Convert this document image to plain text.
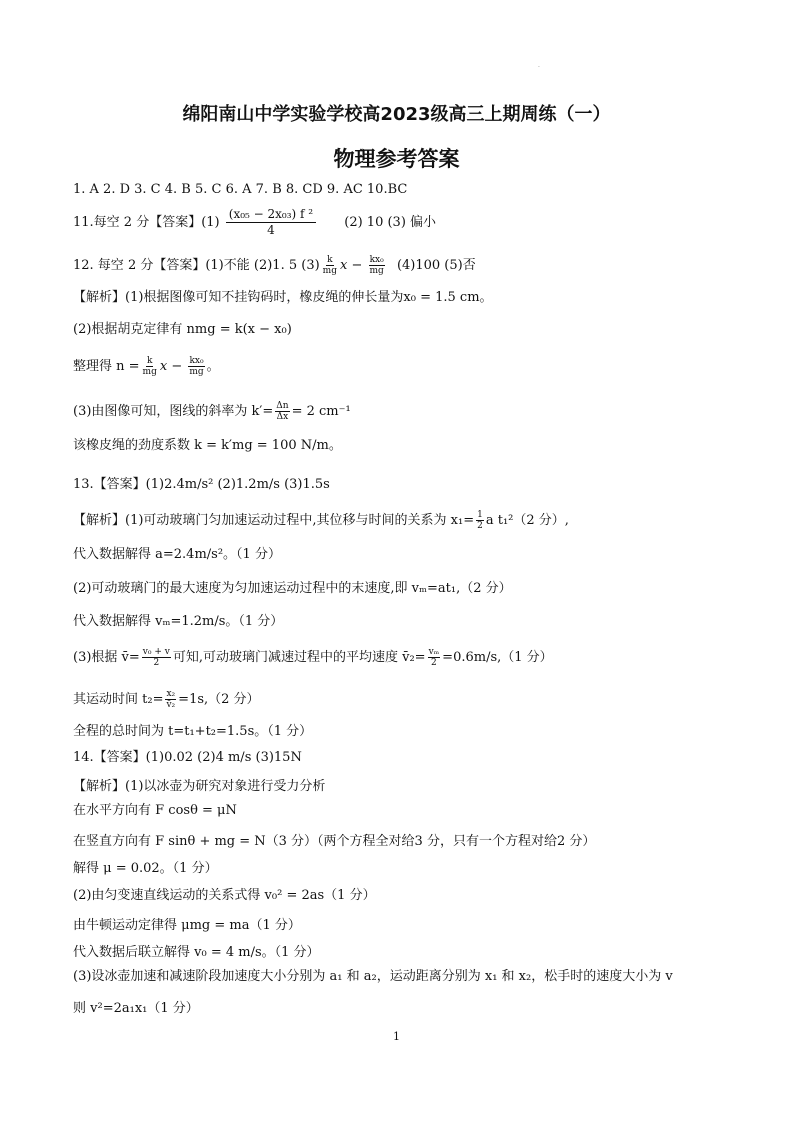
·
绵阳南山中学实验学校高2023级高三上期周练（一）
物理参考答案
1. A 2. D 3. C 4. B 5. C 6. A 7. B 8. CD 9. AC 10.BC
11.每空 2 分【答案】$(1) \frac{\text{(x₀₅ − 2x₀₃) f ²}}{4} (2)$ 10 (3) 偏小
12. 每空 2 分【答案】(1)不能 (2)1. 5 $(3) \frac{k}{mg}$ $x - \frac{\text{kx₀}}{mg} (4)100$ (5)否
【解析】(1)根据图像可知不挂钩码时，橡皮绳的伸长量为x₀ = 1.5 cm。
(2)根据胡克定律有 nmg = k(x − x₀)
整理得 $n = \frac{k}{mg}$ $x - \frac{\text{kx₀}}{mg}$ 。
(3)由图像可知，图线的斜率为 $k'= \frac{\Delta n}{\Delta x} = 2$ cm⁻¹
该橡皮绳的劲度系数 k = k′mg = 100 N/m。
13.【答案】(1)2.4m/s² (2)1.2m/s (3)1.5s
【解析】(1)可动玻璃门匀加速运动过程中,其位移与时间的关系为 $x_1= \frac{1}{2}$ a t₁²（2 分）,
代入数据解得 a=2.4m/s²。（1 分）
(2)可动玻璃门的最大速度为匀加速运动过程中的末速度,即 vₘ=at₁,（2 分）
代入数据解得 vₘ=1.2m/s。（1 分）
(3)根据 v̄= $\frac{\text{v₀ + v}}{2}$ 可知,可动玻璃门减速过程中的平均速度 v̄₂= $\frac{\text{vₘ}}{2} =0.6m/s,(1$ 分）
其运动时间 $t_2= \frac{\text{x₂}}{\text{v̄₂}} =1s,(2$ 分）
全程的总时间为 t=t₁+t₂=1.5s。（1 分）
14.【答案】(1)0.02 (2)4 m/s (3)15N
【解析】(1)以冰壶为研究对象进行受力分析
在水平方向有 F cosθ = μN
在竖直方向有 F sinθ + mg = N（3 分）（两个方程全对给3 分，只有一个方程对给2 分）
解得 μ = 0.02。（1 分）
(2)由匀变速直线运动的关系式得 v₀² = 2as（1 分）
由牛顿运动定律得 μmg = ma（1 分）
代入数据后联立解得 v₀ = 4 m/s。（1 分）
(3)设冰壶加速和减速阶段加速度大小分别为 a₁ 和 a₂，运动距离分别为 x₁ 和 x₂，松手时的速度大小为 v
则 v²=2a₁x₁（1 分）
1
